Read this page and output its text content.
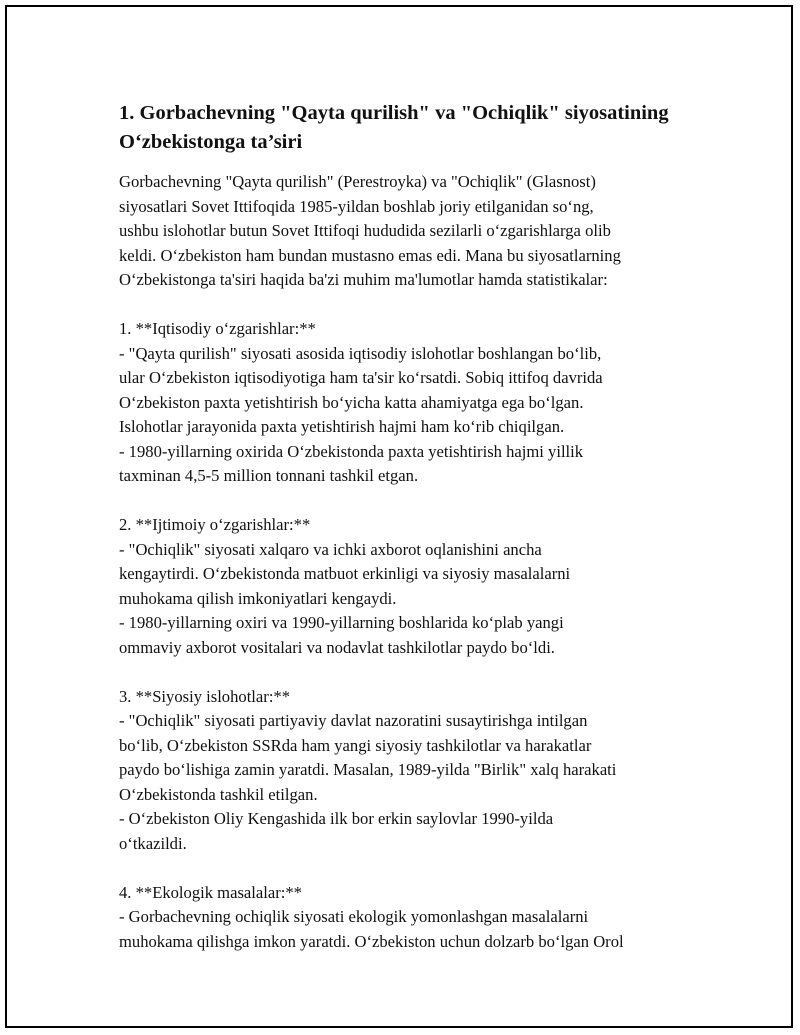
1. Gorbachevning "Qayta qurilish" va "Ochiqlik" siyosatining O‘zbekistonga ta’siri

Gorbachevning "Qayta qurilish" (Perestroyka) va "Ochiqlik" (Glasnost)
siyosatlari Sovet Ittifoqida 1985-yildan boshlab joriy etilganidan so‘ng,
ushbu islohotlar butun Sovet Ittifoqi hududida sezilarli o‘zgarishlarga olib
keldi. O‘zbekiston ham bundan mustasno emas edi. Mana bu siyosatlarning
O‘zbekistonga ta'siri haqida ba'zi muhim ma'lumotlar hamda statistikalar:

1. **Iqtisodiy o‘zgarishlar:**

- "Qayta qurilish" siyosati asosida iqtisodiy islohotlar boshlangan bo‘lib,
ular O‘zbekiston iqtisodiyotiga ham ta'sir ko‘rsatdi. Sobiq ittifoq davrida
O‘zbekiston paxta yetishtirish bo‘yicha katta ahamiyatga ega bo‘lgan.
Islohotlar jarayonida paxta yetishtirish hajmi ham ko‘rib chiqilgan.
- 1980-yillarning oxirida O‘zbekistonda paxta yetishtirish hajmi yillik
taxminan 4,5-5 million tonnani tashkil etgan.

2. **Ijtimoiy o‘zgarishlar:**

- "Ochiqlik" siyosati xalqaro va ichki axborot oqlanishini ancha
kengaytirdi. O‘zbekistonda matbuot erkinligi va siyosiy masalalarni
muhokama qilish imkoniyatlari kengaydi.
- 1980-yillarning oxiri va 1990-yillarning boshlarida ko‘plab yangi
ommaviy axborot vositalari va nodavlat tashkilotlar paydo bo‘ldi.

3. **Siyosiy islohotlar:**

- "Ochiqlik" siyosati partiyaviy davlat nazoratini susaytirishga intilgan
bo‘lib, O‘zbekiston SSRda ham yangi siyosiy tashkilotlar va harakatlar
paydo bo‘lishiga zamin yaratdi. Masalan, 1989-yilda "Birlik" xalq harakati
O‘zbekistonda tashkil etilgan.
- O‘zbekiston Oliy Kengashida ilk bor erkin saylovlar 1990-yilda
o‘tkazildi.

4. **Ekologik masalalar:**

- Gorbachevning ochiqlik siyosati ekologik yomonlashgan masalalarni
muhokama qilishga imkon yaratdi. O‘zbekiston uchun dolzarb bo‘lgan Orol
